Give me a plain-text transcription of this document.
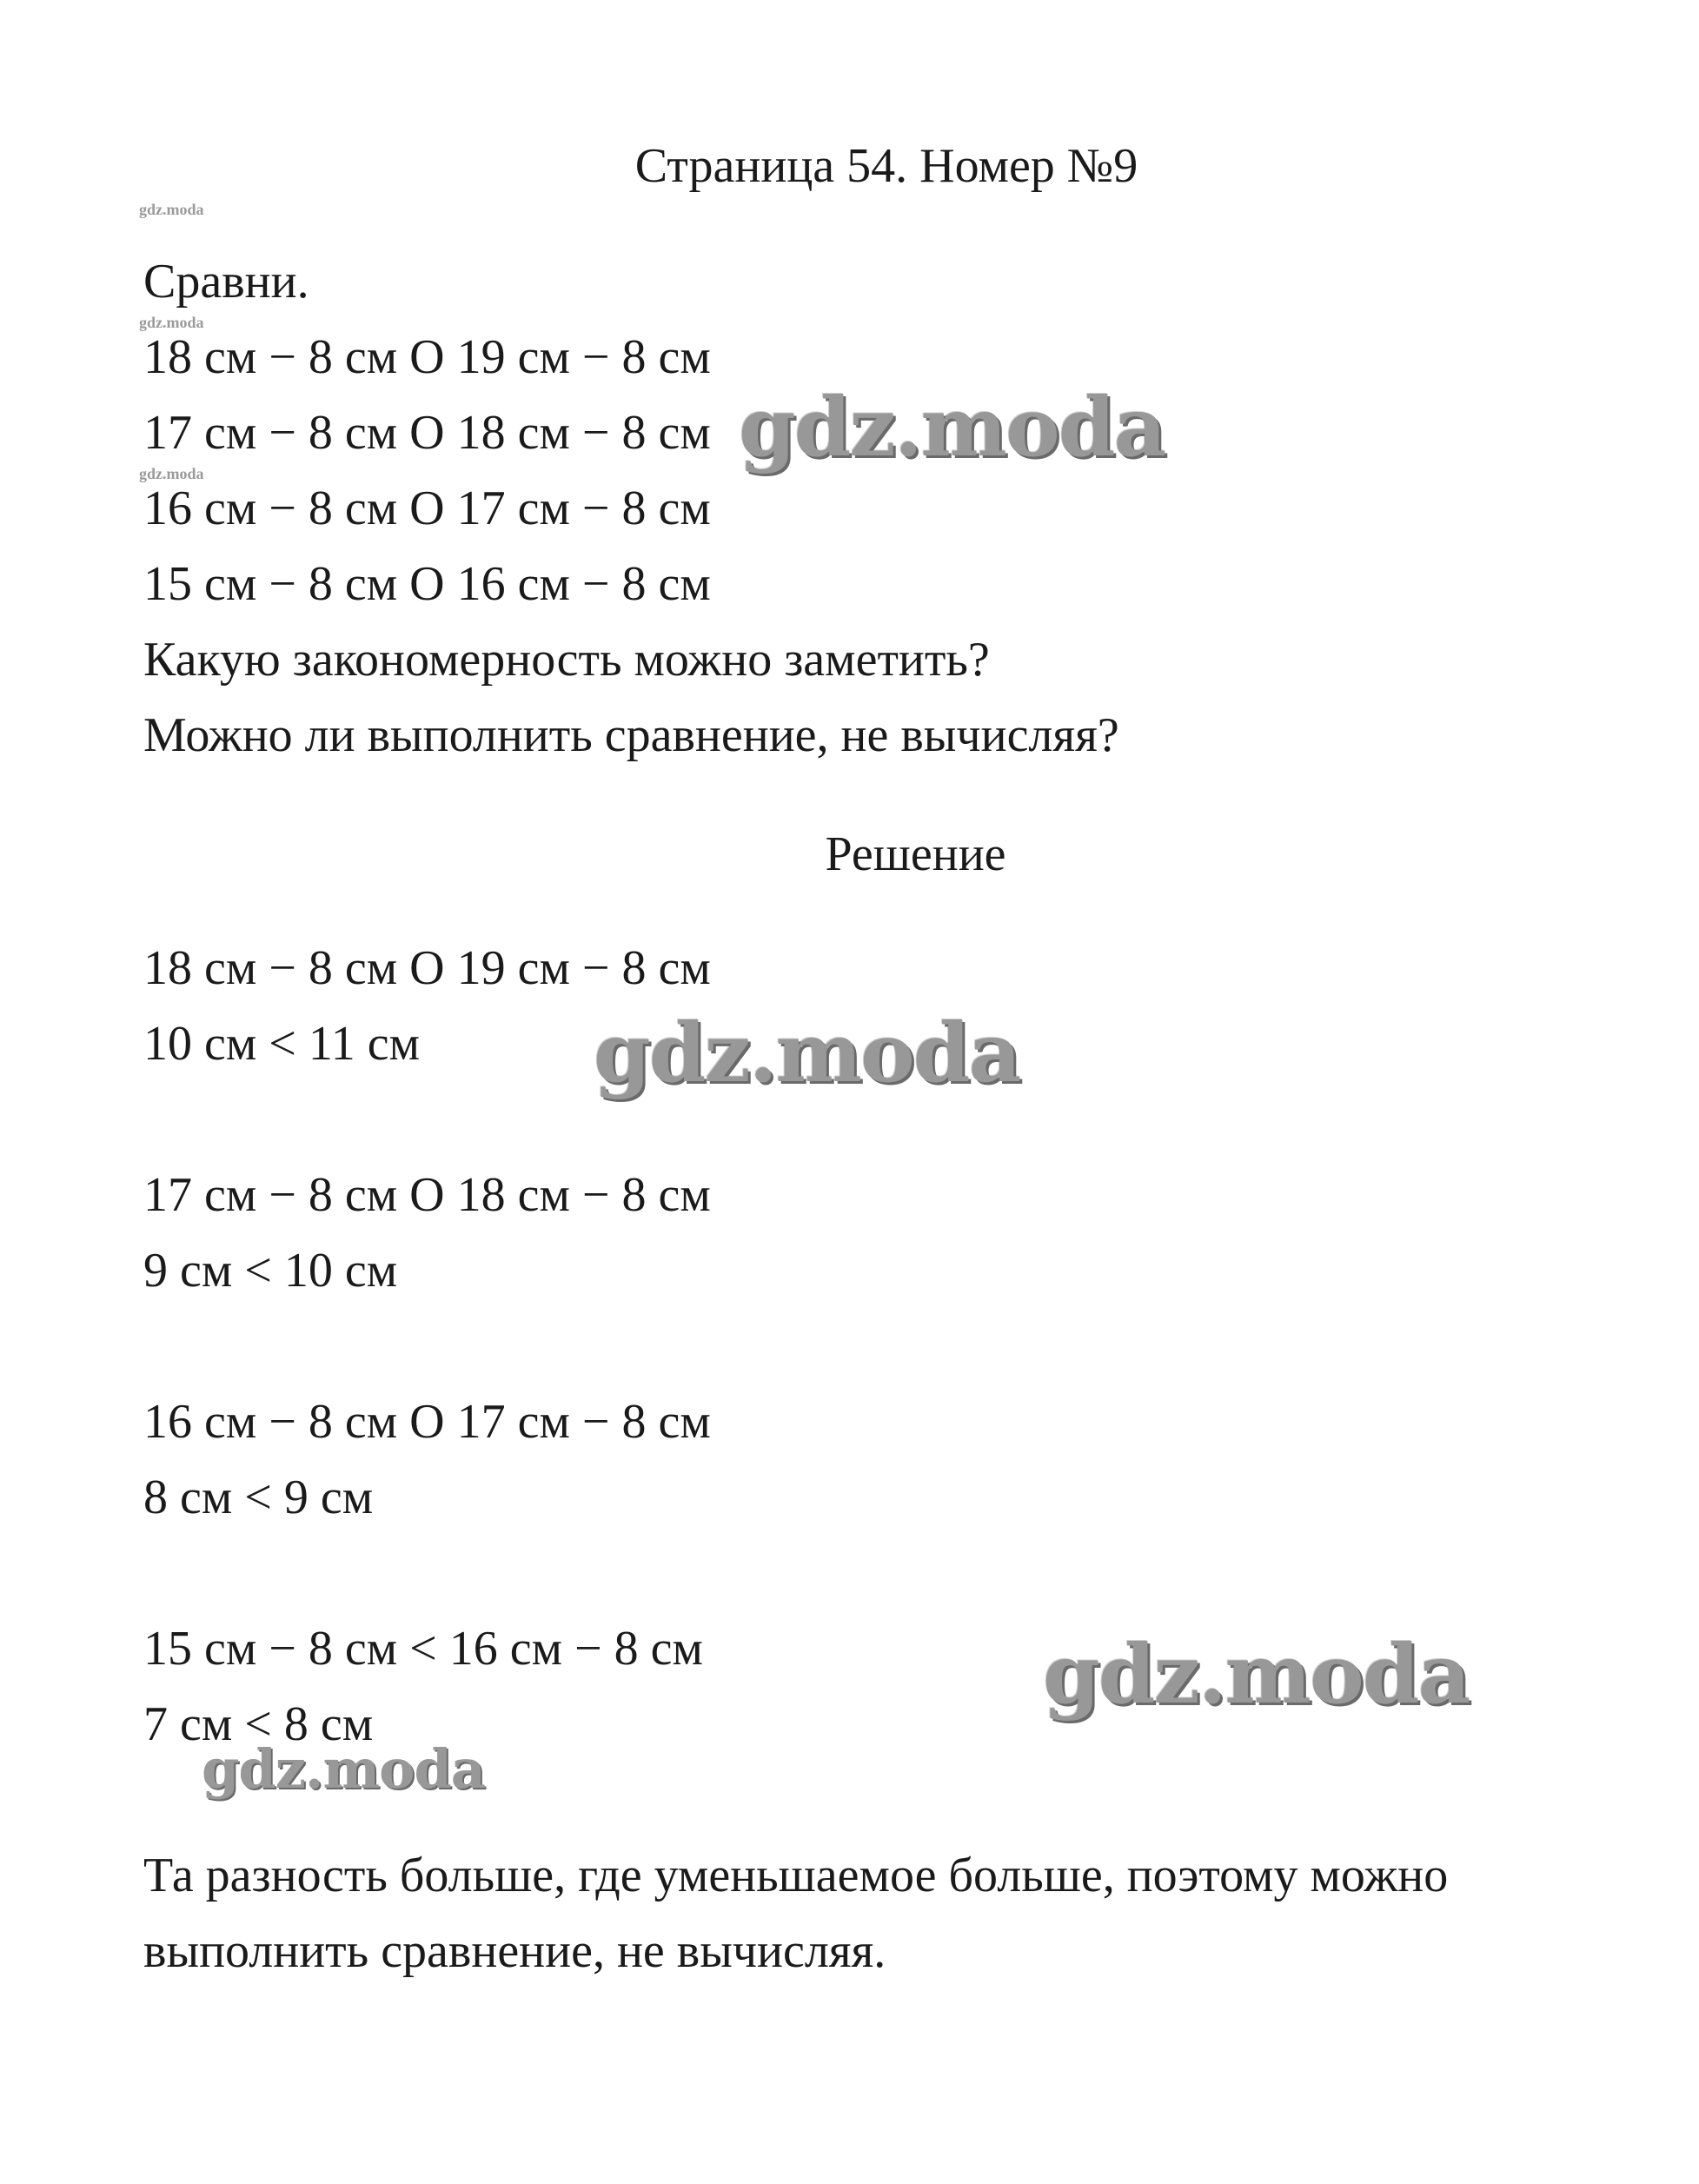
Страница 54. Номер №9
gdz.moda
gdz.moda
gdz.moda
Сравни.
18 см − 8 см О 19 см − 8 см
17 см − 8 см О 18 см − 8 см
16 см − 8 см О 17 см − 8 см
15 см − 8 см О 16 см − 8 см
Какую закономерность можно заметить?
Можно ли выполнить сравнение, не вычисляя?
gdz.moda
Решение
18 см − 8 см О 19 см − 8 см
10 см < 11 см gdz.moda
17 см − 8 см О 18 см − 8 см
9 см < 10 см
16 см − 8 см О 17 см − 8 см
8 см < 9 см
15 см − 8 см < 16 см − 8 см
7 см < 8 см
gdz.moda
gdz.moda
Та разность больше, где уменьшаемое больше, поэтому можно
выполнить сравнение, не вычисляя.
